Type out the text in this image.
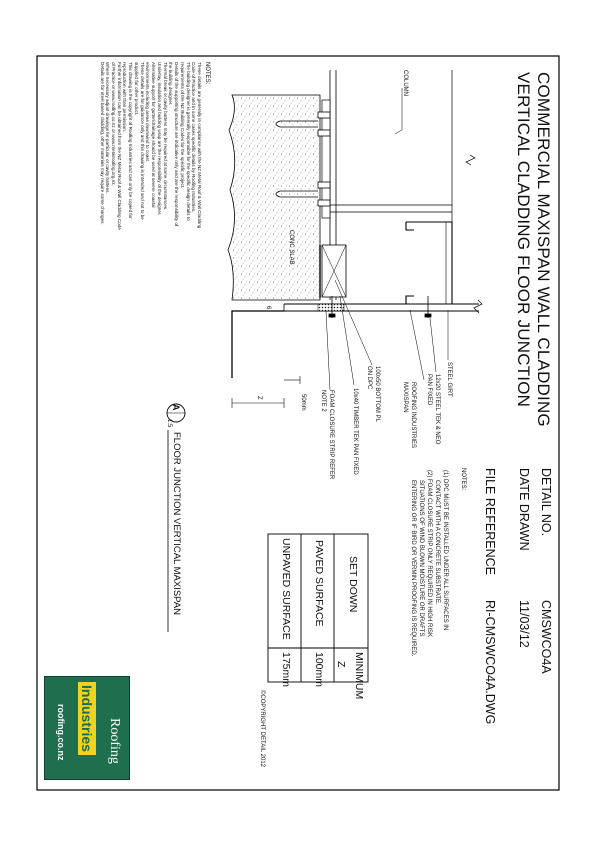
COMMERCIAL MAXISPAN WALL CLADDING
VERTICAL CLADDING FLOOR JUNCTION
COLUMN
CONC SLAB
STEEL GIRT
12x20 STEEL TEK & NEO
PAN FIXED
ROOFING INDUSTRIES
MAXISPAN
100x50 BOTTOM PL
ON DPC
10x40 TIMBER TEK PAN FIXED
FOAM CLOSURE STRIP REFER
NOTE 2
50mm
Z
6
A
1:5
FLOOR JUNCTION VERTICAL MAXISPAN
NOTES:
These details are generally in compliance with the NZ Metal Roof & Wall Cladding
Code of Practice and in some cases specific details by Roofing Industries.
The building designer is generally responsible for the specific design details to
requirements of the NZ Building Codes for the specific project.
Details of the supporting structure are indicative only and are the responsibility of
the building designer.
Thermal break or cavity battens may be required at some circumstances.
Underlay, insulation and building wrap are the responsibility of the designer.
Alternative support for gutter/drainage should be used at severe coastal
environments including areas downwind to coast.
These details are for guidance only and this drawing is intended and not to be
supplied for other product.
This drawing is the copyright of Roofing Industries and can only be copied for
reproduction with their permission.
Further information can be obtained from the NZ Metal Roof & Wall Cladding Code
of Practice or www.roofing.co.nz or www.metalroofing.org.nz.
Where necessary adjust drawings for particular or cavity battens.
Details are for steel based cladding, other materials may require some changes.
DETAIL NO.
CMSWCO4A
DATE DRAWN
11/03/12
FILE REFERENCE
RI-CMSWCO4A.DWG
NOTES:
(1) DPC MUST BE INSTALLED UNDER ALL SURFACES IN
CONTACT WITH A CONCRETE SUBSTRATE.
(2) FOAM CLOSURE STRIP ONLY REQUIRED IN HIGH RISK
SITUATIONS OF WIND BLOWN MOISTURE OR DRAFTS
ENTERING OR IF BIRD OR VERMIN PROOFING IS REQUIRED.
SET DOWN
MINIMUM
Z
PAVED SURFACE
100mm
UNPAVED SURFACE
175mm
©COPYRIGHT DETAIL 2012
Roofing
Industries
roofing.co.nz
